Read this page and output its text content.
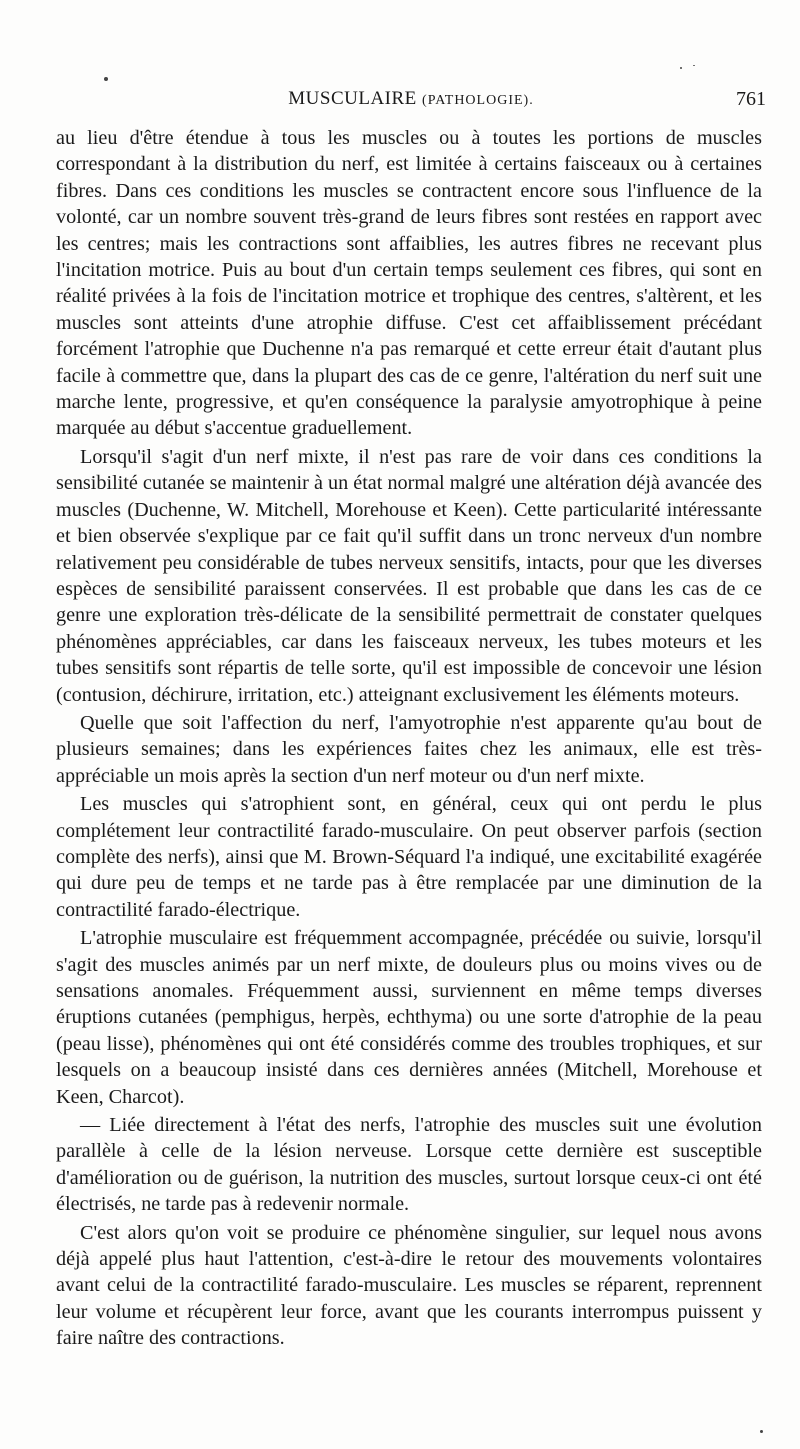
MUSCULAIRE (PATHOLOGIE).	761

au lieu d'être étendue à tous les muscles ou à toutes les portions de muscles correspondant à la distribution du nerf, est limitée à certains faisceaux ou à certaines fibres. Dans ces conditions les muscles se contractent encore sous l'influence de la volonté, car un nombre souvent très-grand de leurs fibres sont restées en rapport avec les centres; mais les contractions sont affaiblies, les autres fibres ne recevant plus l'incitation motrice. Puis au bout d'un certain temps seulement ces fibres, qui sont en réalité privées à la fois de l'incitation motrice et trophique des centres, s'altèrent, et les muscles sont atteints d'une atrophie diffuse. C'est cet affaiblissement précédant forcément l'atrophie que Duchenne n'a pas remarqué et cette erreur était d'autant plus facile à commettre que, dans la plupart des cas de ce genre, l'altération du nerf suit une marche lente, progressive, et qu'en conséquence la paralysie amyotrophique à peine marquée au début s'accentue graduellement.

Lorsqu'il s'agit d'un nerf mixte, il n'est pas rare de voir dans ces conditions la sensibilité cutanée se maintenir à un état normal malgré une altération déjà avancée des muscles (Duchenne, W. Mitchell, Morehouse et Keen). Cette particularité intéressante et bien observée s'explique par ce fait qu'il suffit dans un tronc nerveux d'un nombre relativement peu considérable de tubes nerveux sensitifs, intacts, pour que les diverses espèces de sensibilité paraissent conservées. Il est probable que dans les cas de ce genre une exploration très-délicate de la sensibilité permettrait de constater quelques phénomènes appréciables, car dans les faisceaux nerveux, les tubes moteurs et les tubes sensitifs sont répartis de telle sorte, qu'il est impossible de concevoir une lésion (contusion, déchirure, irritation, etc.) atteignant exclusivement les éléments moteurs.

Quelle que soit l'affection du nerf, l'amyotrophie n'est apparente qu'au bout de plusieurs semaines; dans les expériences faites chez les animaux, elle est très-appréciable un mois après la section d'un nerf moteur ou d'un nerf mixte.

Les muscles qui s'atrophient sont, en général, ceux qui ont perdu le plus complétement leur contractilité farado-musculaire. On peut observer parfois (section complète des nerfs), ainsi que M. Brown-Séquard l'a indiqué, une excitabilité exagérée qui dure peu de temps et ne tarde pas à être remplacée par une diminution de la contractilité farado-électrique.

L'atrophie musculaire est fréquemment accompagnée, précédée ou suivie, lorsqu'il s'agit des muscles animés par un nerf mixte, de douleurs plus ou moins vives ou de sensations anomales. Fréquemment aussi, surviennent en même temps diverses éruptions cutanées (pemphigus, herpès, echthyma) ou une sorte d'atrophie de la peau (peau lisse), phénomènes qui ont été considérés comme des troubles trophiques, et sur lesquels on a beaucoup insisté dans ces dernières années (Mitchell, Morehouse et Keen, Charcot).

— Liée directement à l'état des nerfs, l'atrophie des muscles suit une évolution parallèle à celle de la lésion nerveuse. Lorsque cette dernière est susceptible d'amélioration ou de guérison, la nutrition des muscles, surtout lorsque ceux-ci ont été électrisés, ne tarde pas à redevenir normale.

C'est alors qu'on voit se produire ce phénomène singulier, sur lequel nous avons déjà appelé plus haut l'attention, c'est-à-dire le retour des mouvements volontaires avant celui de la contractilité farado-musculaire. Les muscles se réparent, reprennent leur volume et récupèrent leur force, avant que les courants interrompus puissent y faire naître des contractions.
